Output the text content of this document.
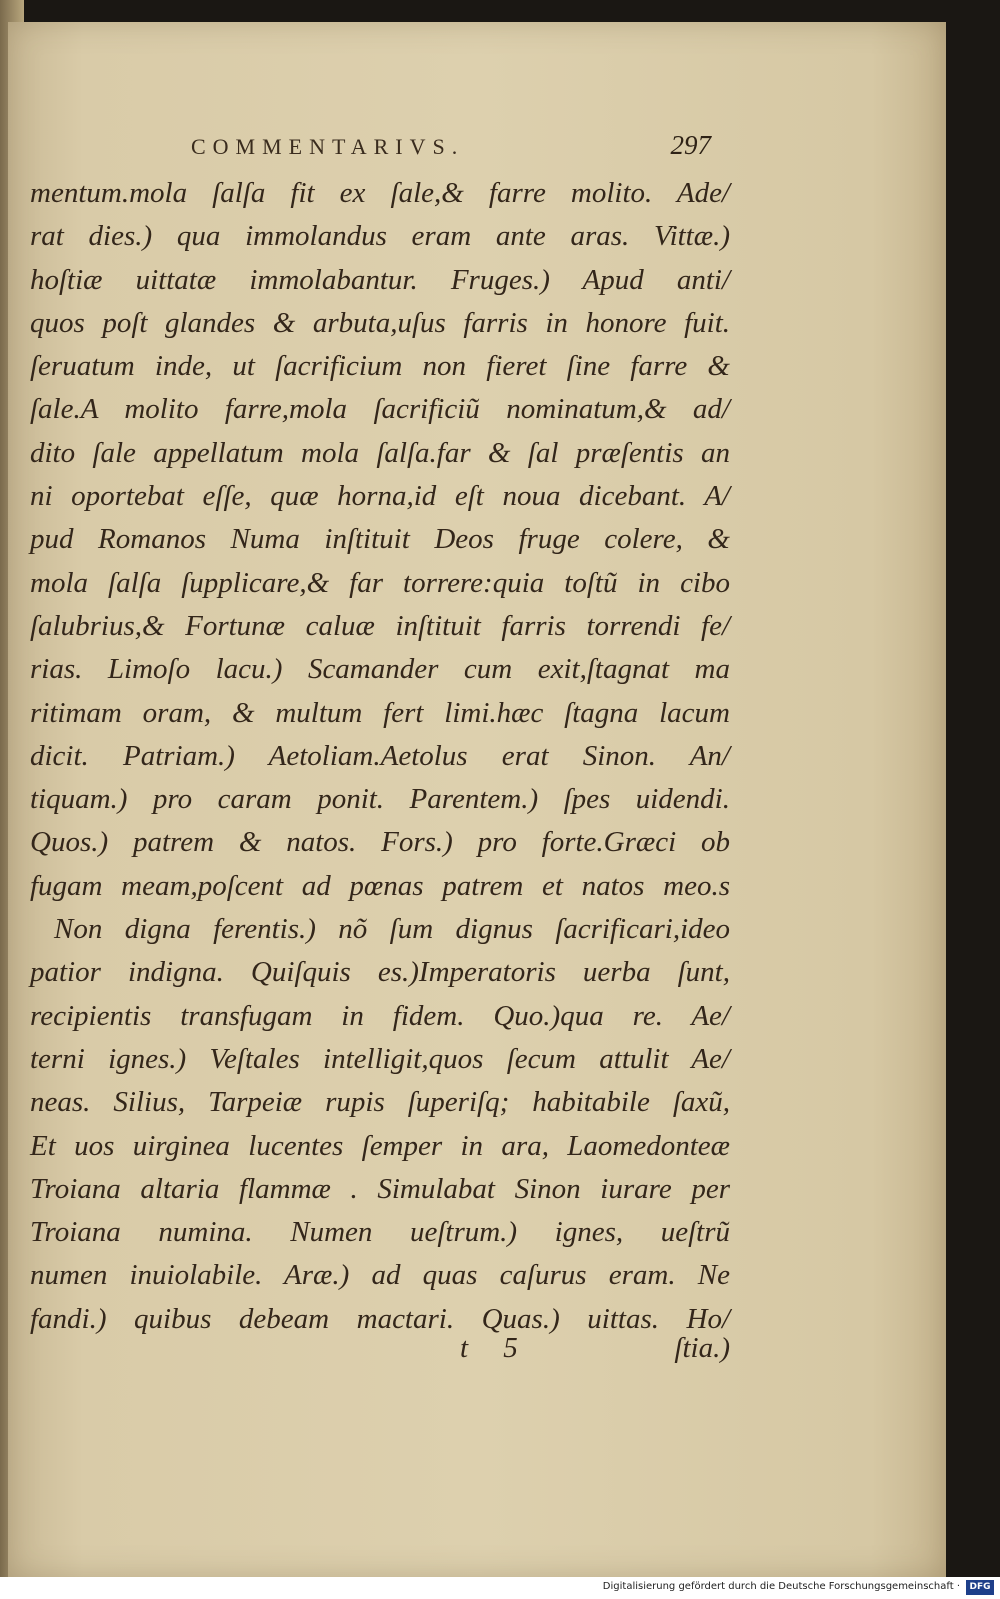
COMMENTARIVS.	297
mentum.mola ſalſa fit ex ſale,& farre molito. Ade/
rat dies.) qua immolandus eram ante aras. Vittæ.)
hoſtiæ uittatæ immolabantur. Fruges.) Apud anti/
quos poſt glandes & arbuta,uſus farris in honore fuit.
ſeruatum inde, ut ſacrificium non fieret ſine farre &
ſale.A molito farre,mola ſacrificiũ nominatum,& ad/
dito ſale appellatum mola ſalſa.far & ſal præſentis an
ni oportebat eſſe, quæ horna,id eſt noua dicebant. A/
pud Romanos Numa inſtituit Deos fruge colere, &
mola ſalſa ſupplicare,& far torrere:quia toſtũ in cibo
ſalubrius,& Fortunæ caluæ inſtituit farris torrendi fe/
rias. Limoſo lacu.) Scamander cum exit,ſtagnat ma
ritimam oram, & multum fert limi.hæc ſtagna lacum
dicit. Patriam.) Aetoliam.Aetolus erat Sinon. An/
tiquam.) pro caram ponit. Parentem.) ſpes uidendi.
Quos.) patrem & natos. Fors.) pro forte.Græci ob
fugam meam,poſcent ad pœnas patrem et natos meo.s
Non digna ferentis.) nõ ſum dignus ſacrificari,ideo
patior indigna. Quiſquis es.)Imperatoris uerba ſunt,
recipientis transfugam in fidem. Quo.)qua re. Ae/
terni ignes.) Veſtales intelligit,quos ſecum attulit Ae/
neas. Silius, Tarpeiæ rupis ſuperiſq; habitabile ſaxũ,
Et uos uirginea lucentes ſemper in ara, Laomedonteæ
Troiana altaria flammæ . Simulabat Sinon iurare per
Troiana numina. Numen ueſtrum.) ignes, ueſtrũ
numen inuiolabile. Aræ.) ad quas caſurus eram. Ne
fandi.) quibus debeam mactari. Quas.) uittas. Ho/
t 5	ſtia.)
Digitalisierung gefördert durch die Deutsche Forschungsgemeinschaft ·	DFG
